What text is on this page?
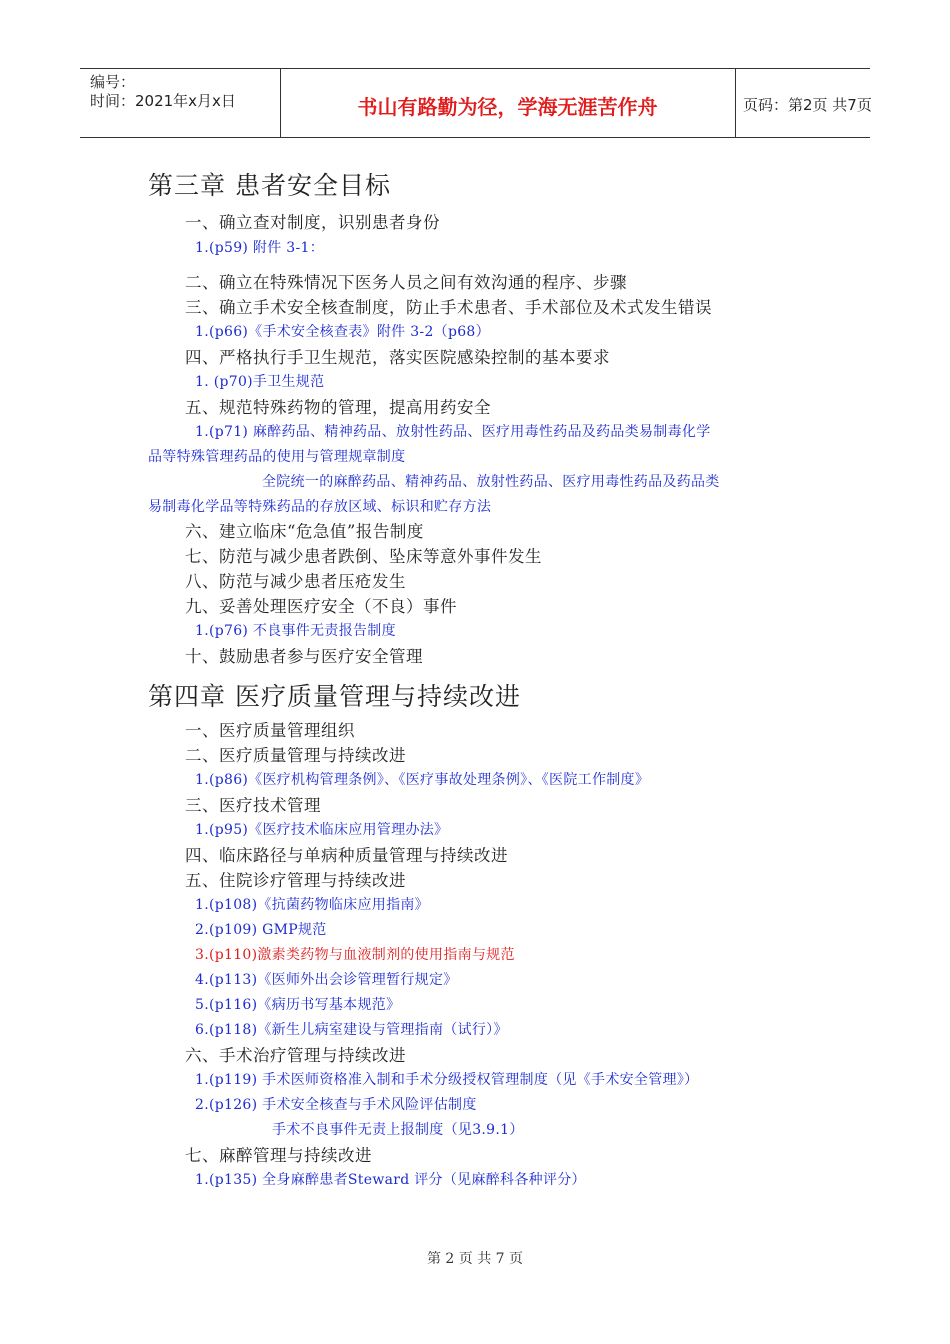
编号：
时间：2021年x月x日	书山有路勤为径，学海无涯苦作舟	页码：第2页 共7页
第三章 患者安全目标
一、确立查对制度，识别患者身份
1.(p59) 附件 3-1：
二、确立在特殊情况下医务人员之间有效沟通的程序、步骤
三、确立手术安全核查制度，防止手术患者、手术部位及术式发生错误
1.(p66)《手术安全核查表》附件 3-2（p68）
四、严格执行手卫生规范，落实医院感染控制的基本要求
1. (p70)手卫生规范
五、规范特殊药物的管理，提高用药安全
1.(p71) 麻醉药品、精神药品、放射性药品、医疗用毒性药品及药品类易制毒化学
品等特殊管理药品的使用与管理规章制度
全院统一的麻醉药品、精神药品、放射性药品、医疗用毒性药品及药品类
易制毒化学品等特殊药品的存放区域、标识和贮存方法
六、建立临床“危急值”报告制度
七、防范与减少患者跌倒、坠床等意外事件发生
八、防范与减少患者压疮发生
九、妥善处理医疗安全（不良）事件
1.(p76) 不良事件无责报告制度
十、鼓励患者参与医疗安全管理
第四章 医疗质量管理与持续改进
一、医疗质量管理组织
二、医疗质量管理与持续改进
1.(p86)《医疗机构管理条例》、《医疗事故处理条例》、《医院工作制度》
三、医疗技术管理
1.(p95)《医疗技术临床应用管理办法》
四、临床路径与单病种质量管理与持续改进
五、住院诊疗管理与持续改进
1.(p108)《抗菌药物临床应用指南》
2.(p109) GMP规范
3.(p110)激素类药物与血液制剂的使用指南与规范
4.(p113)《医师外出会诊管理暂行规定》
5.(p116)《病历书写基本规范》
6.(p118)《新生儿病室建设与管理指南（试行）》
六、手术治疗管理与持续改进
1.(p119) 手术医师资格准入制和手术分级授权管理制度（见《手术安全管理》）
2.(p126) 手术安全核查与手术风险评估制度
手术不良事件无责上报制度（见3.9.1）
七、麻醉管理与持续改进
1.(p135) 全身麻醉患者Steward 评分（见麻醉科各种评分）
第 2 页 共 7 页
